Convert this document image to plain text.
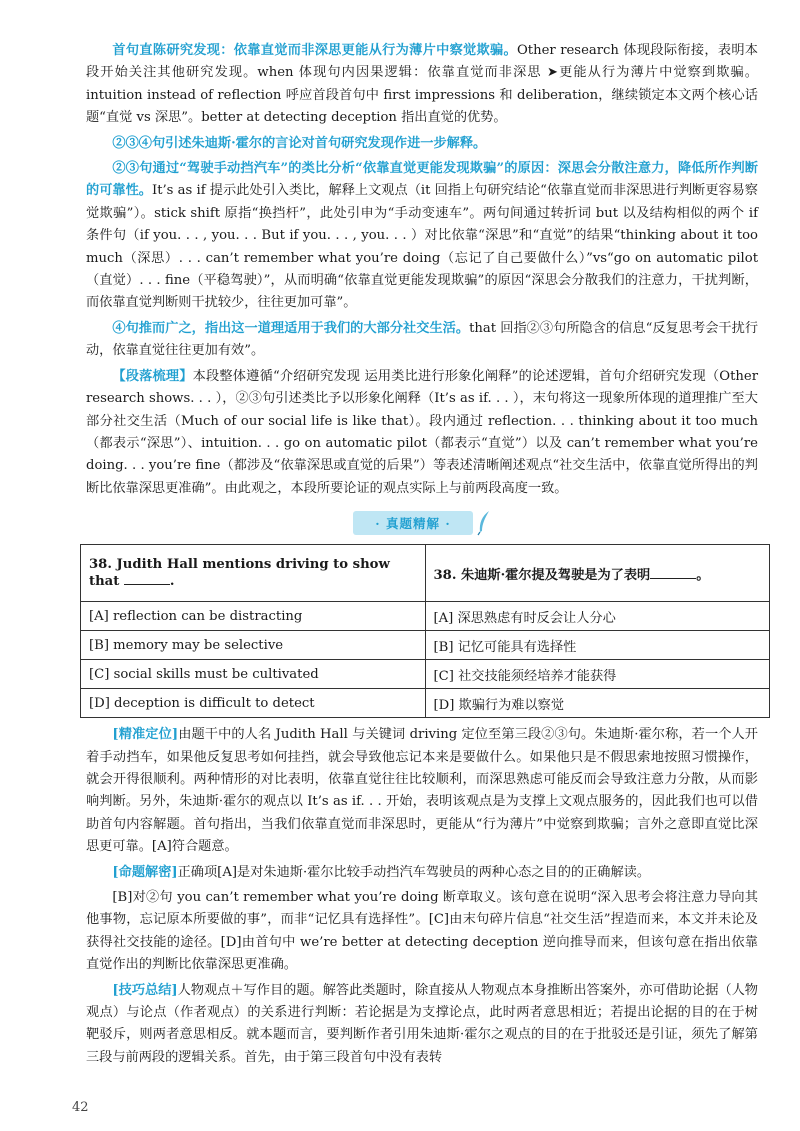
首句直陈研究发现：依靠直觉而非深思更能从行为薄片中察觉欺骗。Other research 体现段际衔接，表明本段开始关注其他研究发现。when 体现句内因果逻辑：依靠直觉而非深思 ➤更能从行为薄片中觉察到欺骗。intuition instead of reflection 呼应首段首句中 first impressions 和 deliberation，继续锁定本文两个核心话题“直觉 vs 深思”。better at detecting deception 指出直觉的优势。

②③④句引述朱迪斯·霍尔的言论对首句研究发现作进一步解释。

②③句通过“驾驶手动挡汽车”的类比分析“依靠直觉更能发现欺骗”的原因：深思会分散注意力，降低所作判断的可靠性。It’s as if 提示此处引入类比，解释上文观点（it 回指上句研究结论“依靠直觉而非深思进行判断更容易察觉欺骗”）。stick shift 原指“换挡杆”，此处引申为“手动变速车”。两句间通过转折词 but 以及结构相似的两个 if 条件句（if you. . . , you. . . But if you. . . , you. . . ）对比依靠“深思”和“直觉”的结果“thinking about it too much（深思）. . . can’t remember what you’re doing（忘记了自己要做什么）”vs“go on automatic pilot（直觉）. . . fine（平稳驾驶）”，从而明确“依靠直觉更能发现欺骗”的原因“深思会分散我们的注意力，干扰判断，而依靠直觉判断则干扰较少，往往更加可靠”。

④句推而广之，指出这一道理适用于我们的大部分社交生活。that 回指②③句所隐含的信息“反复思考会干扰行动，依靠直觉往往更加有效”。

【段落梳理】本段整体遵循“介绍研究发现 运用类比进行形象化阐释”的论述逻辑，首句介绍研究发现（Other research shows. . . ），②③句引述类比予以形象化阐释（It’s as if. . . ），末句将这一现象所体现的道理推广至大部分社交生活（Much of our social life is like that）。段内通过 reflection. . . thinking about it too much（都表示“深思”）、intuition. . . go on automatic pilot（都表示“直觉”）以及 can’t remember what you’re doing. . . you’re fine（都涉及“依靠深思或直觉的后果”）等表述清晰阐述观点“社交生活中，依靠直觉所得出的判断比依靠深思更准确”。由此观之，本段所要论证的观点实际上与前两段高度一致。

· 真题精解 ·
38. Judith Hall mentions driving to show that .	38. 朱迪斯·霍尔提及驾驶是为了表明 。
[A] reflection can be distracting	[A] 深思熟虑有时反会让人分心
[B] memory may be selective	[B] 记忆可能具有选择性
[C] social skills must be cultivated	[C] 社交技能须经培养才能获得
[D] deception is difficult to detect	[D] 欺骗行为难以察觉

[精准定位]由题干中的人名 Judith Hall 与关键词 driving 定位至第三段②③句。朱迪斯·霍尔称，若一个人开着手动挡车，如果他反复思考如何挂挡，就会导致他忘记本来是要做什么。如果他只是不假思索地按照习惯操作，就会开得很顺利。两种情形的对比表明，依靠直觉往往比较顺利，而深思熟虑可能反而会导致注意力分散，从而影响判断。另外，朱迪斯·霍尔的观点以 It’s as if. . . 开始，表明该观点是为支撑上文观点服务的，因此我们也可以借助首句内容解题。首句指出，当我们依靠直觉而非深思时，更能从“行为薄片”中觉察到欺骗；言外之意即直觉比深思更可靠。[A]符合题意。

[命题解密]正确项[A]是对朱迪斯·霍尔比较手动挡汽车驾驶员的两种心态之目的的正确解读。

[B]对②句 you can’t remember what you’re doing 断章取义。该句意在说明“深入思考会将注意力导向其他事物，忘记原本所要做的事”，而非“记忆具有选择性”。[C]由末句碎片信息“社交生活”捏造而来，本文并未论及获得社交技能的途径。[D]由首句中 we’re better at detecting deception 逆向推导而来，但该句意在指出依靠直觉作出的判断比依靠深思更准确。

[技巧总结]人物观点＋写作目的题。解答此类题时，除直接从人物观点本身推断出答案外，亦可借助论据（人物观点）与论点（作者观点）的关系进行判断：若论据是为支撑论点，此时两者意思相近；若提出论据的目的在于树靶驳斥，则两者意思相反。就本题而言，要判断作者引用朱迪斯·霍尔之观点的目的在于批驳还是引证，须先了解第三段与前两段的逻辑关系。首先，由于第三段首句中没有表转

42
